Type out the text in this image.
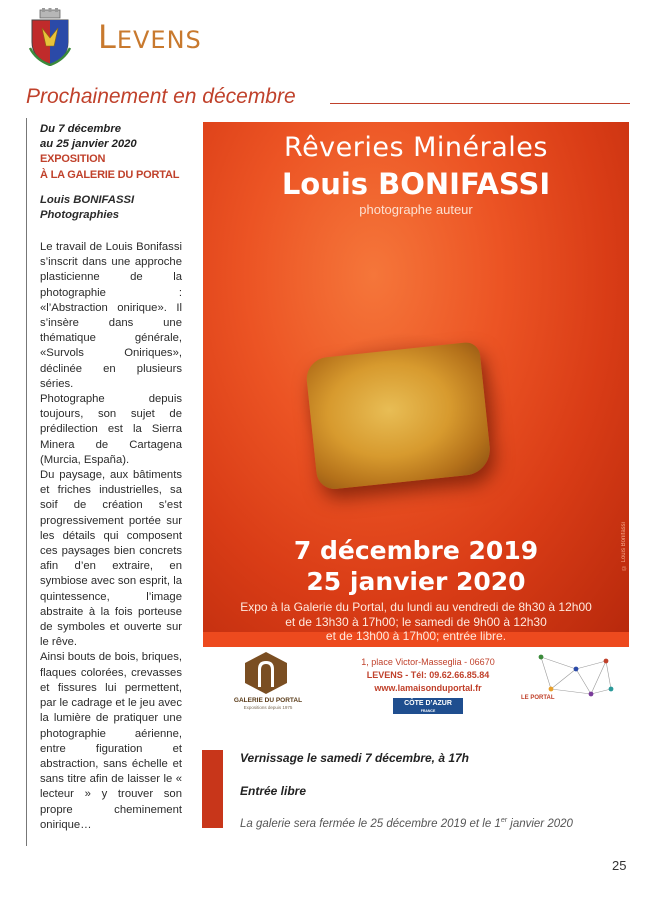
LEVENS
Prochainement en décembre
Du 7 décembre
au 25 janvier 2020
EXPOSITION
À LA GALERIE DU PORTAL
Louis BONIFASSI
Photographies

Le travail de Louis Bonifassi s’inscrit dans une approche plasticienne de la photographie : «l’Abstraction onirique». Il s’insère dans une thématique générale, «Survols Oniriques», déclinée en plusieurs séries.

Photographe depuis toujours, son sujet de prédilection est la Sierra Minera de Cartagena (Murcia, España).

Du paysage, aux bâtiments et friches industrielles, sa soif de création s’est progressivement portée sur les détails qui composent ces paysages bien concrets afin d’en extraire, en symbiose avec son esprit, la quintessence, l’image abstraite à la fois porteuse de symboles et ouverte sur le rêve.

Ainsi bouts de bois, briques, flaques colorées, crevasses et fissures lui permettent, par le cadrage et le jeu avec la lumière de pratiquer une photographie aérienne, entre figuration et abstraction, sans échelle et sans titre afin de laisser le « lecteur » y trouver son propre cheminement onirique…

Rêveries Minérales
Louis BONIFASSI
photographe auteur
© Louis Bonifassi
7 décembre 2019
25 janvier 2020
Expo à la Galerie du Portal, du lundi au vendredi de 8h30 à 12h00
et de 13h30 à 17h00; le samedi de 9h00 à 12h30
et de 13h00 à 17h00; entrée libre.
GALERIE DU PORTAL
Expositions depuis 1975
1, place Victor-Masseglia - 06670
LEVENS - Tél: 09.62.66.85.84
www.lamaisonduportal.fr
CÔTE D’AZUR
FRANCE
LE PORTAL
Vernissage le samedi 7 décembre, à 17h
Entrée libre
La galerie sera fermée le 25 décembre 2019 et le 1er janvier 2020
25
